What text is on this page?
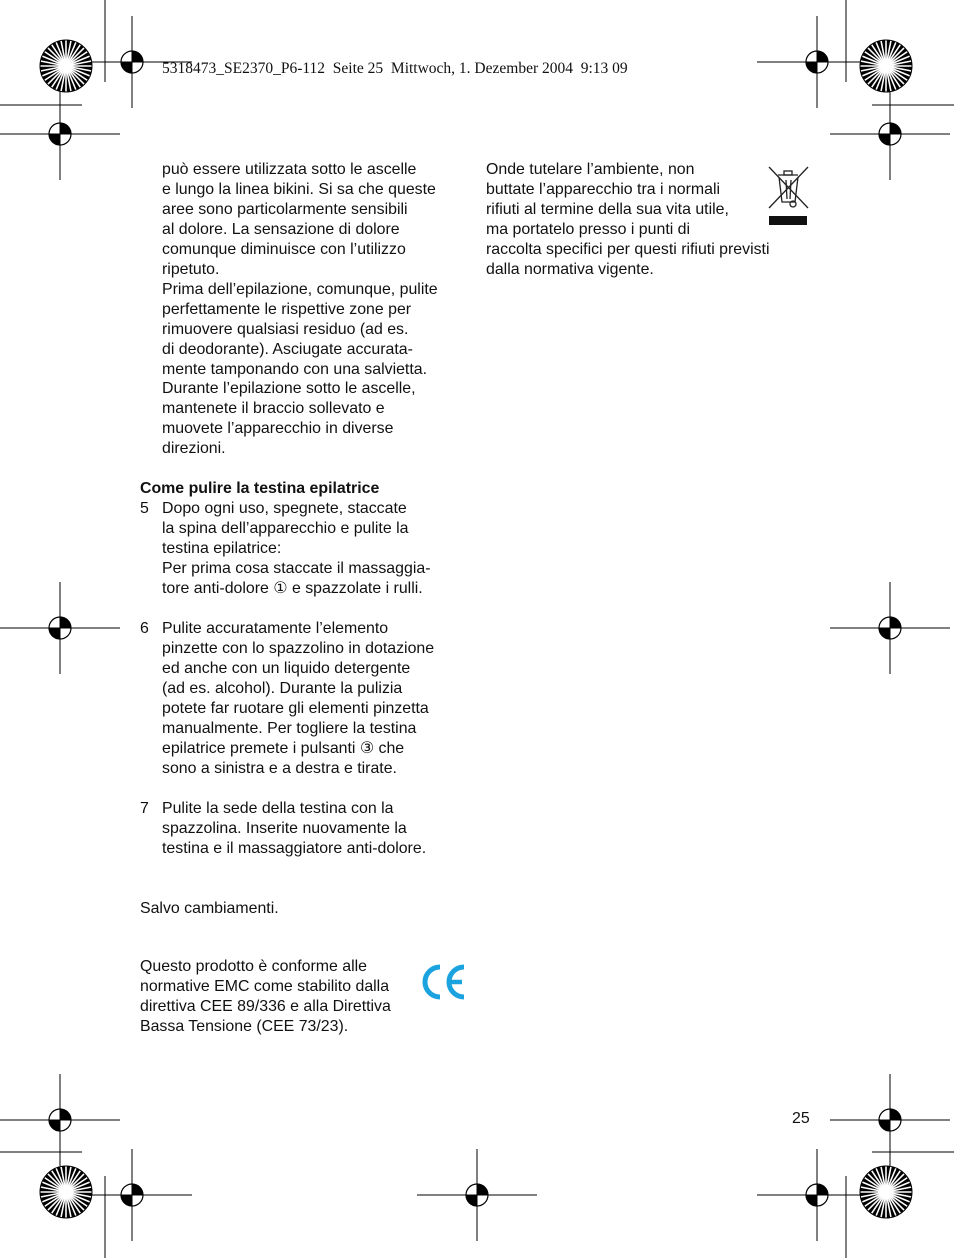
5318473_SE2370_P6-112  Seite 25  Mittwoch, 1. Dezember 2004  9:13 09

può essere utilizzata sotto le ascelle

e lungo la linea bikini. Si sa che queste

aree sono particolarmente sensibili

al dolore. La sensazione di dolore

comunque diminuisce con l’utilizzo

ripetuto.

Prima dell’epilazione, comunque, pulite

perfettamente le rispettive zone per

rimuovere qualsiasi residuo (ad es.

di deodorante). Asciugate accurata-

mente tamponando con una salvietta.

Durante l’epilazione sotto le ascelle,

mantenete il braccio sollevato e

muovete l’apparecchio in diverse

direzioni.

Come pulire la testina epilatrice

5 Dopo ogni uso, spegnete, staccate

la spina dell’apparecchio e pulite la

testina epilatrice:

Per prima cosa staccate il massaggia-

tore anti-dolore ① e spazzolate i rulli.

6 Pulite accuratamente l’elemento

pinzette con lo spazzolino in dotazione

ed anche con un liquido detergente

(ad es. alcohol). Durante la pulizia

potete far ruotare gli elementi pinzetta

manualmente. Per togliere la testina

epilatrice premete i pulsanti ③ che

sono a sinistra e a destra e tirate.

7 Pulite la sede della testina con la

spazzolina. Inserite nuovamente la

testina e il massaggiatore anti-dolore.

Salvo cambiamenti.

Questo prodotto è conforme alle

normative EMC come stabilito dalla

direttiva CEE 89/336 e alla Direttiva

Bassa Tensione (CEE 73/23).

Onde tutelare l’ambiente, non

buttate l’apparecchio tra i normali

rifiuti al termine della sua vita utile,

ma portatelo presso i punti di

raccolta specifici per questi rifiuti previsti

dalla normativa vigente.

25
